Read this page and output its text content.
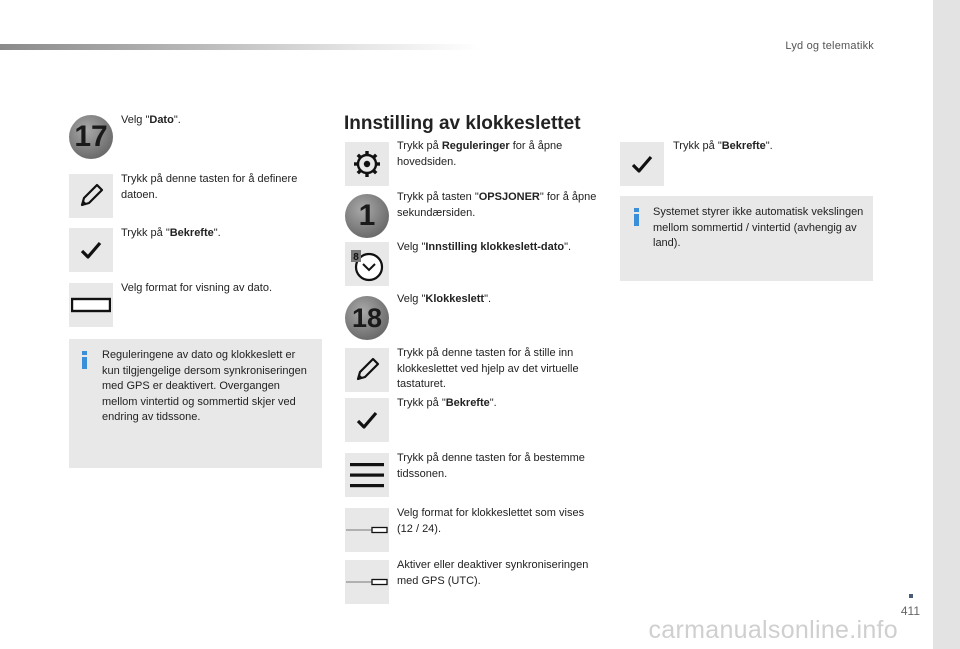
Lyd og telematikk
411
carmanualsonline.info
17 Velg "Dato".
Trykk på denne tasten for å definere datoen.
Trykk på "Bekrefte".
Velg format for visning av dato.
Reguleringene av dato og klokkeslett er kun tilgjengelige dersom synkroniseringen med GPS er deaktivert. Overgangen mellom vintertid og sommertid skjer ved endring av tidssone.
Innstilling av klokkeslettet
Trykk på Reguleringer for å åpne hovedsiden.
1
Trykk på tasten "OPSJONER" for å åpne sekundærsiden.
8
Velg "Innstilling klokkeslett-dato".
18
Velg "Klokkeslett".
Trykk på denne tasten for å stille inn klokkeslettet ved hjelp av det virtuelle tastaturet.
Trykk på "Bekrefte".
Trykk på denne tasten for å bestemme tidssonen.
Velg format for klokkeslettet som vises (12 / 24).
Aktiver eller deaktiver synkroniseringen med GPS (UTC).
Trykk på "Bekrefte".
Systemet styrer ikke automatisk vekslingen mellom sommertid / vintertid (avhengig av land).
